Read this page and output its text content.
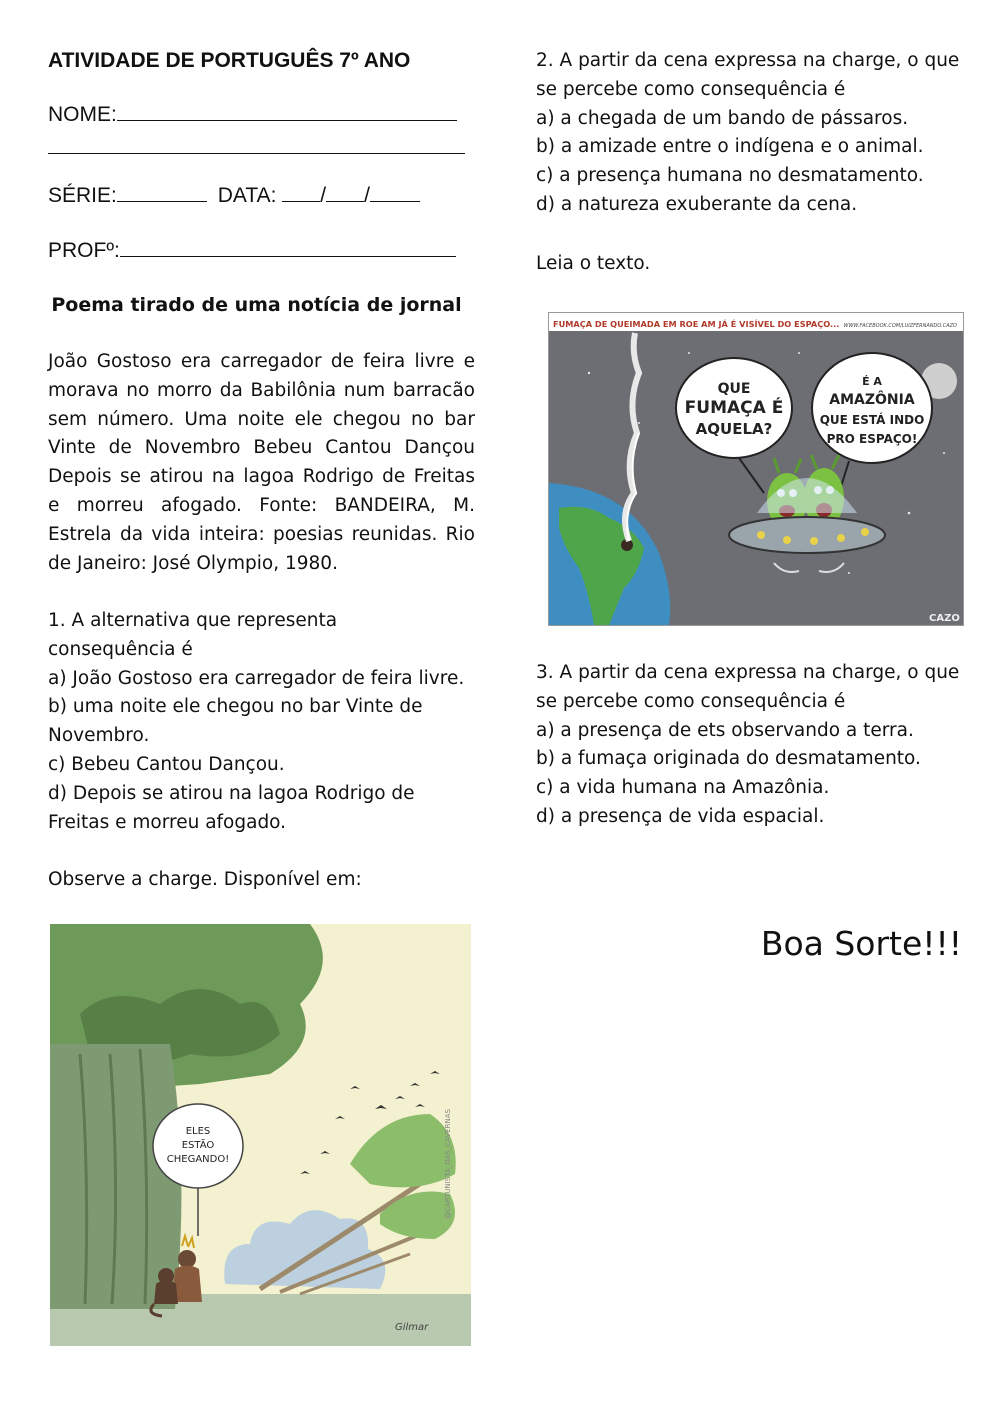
ATIVIDADE DE PORTUGUÊS 7º ANO
NOME:
SÉRIE:	DATA: / /
PROFº:
Poema tirado de uma notícia de jornal
João Gostoso era carregador de feira livre e
morava no morro da Babilônia num barracão
sem número. Uma noite ele chegou no bar
Vinte de Novembro Bebeu Cantou Dançou
Depois se atirou na lagoa Rodrigo de Freitas
e morreu afogado. Fonte: BANDEIRA, M.
Estrela da vida inteira: poesias reunidas. Rio
de Janeiro: José Olympio, 1980.
1. A alternativa que representa
consequência é
a) João Gostoso era carregador de feira livre.
b) uma noite ele chegou no bar Vinte de
Novembro.
c) Bebeu Cantou Dançou.
d) Depois se atirou na lagoa Rodrigo de
Freitas e morreu afogado.
Observe a charge. Disponível em:
ELES
ESTÃO
CHEGANDO!	@CARTUNISTA_DAS_CAVERNAS
Gilmar
2. A partir da cena expressa na charge, o que
se percebe como consequência é
a) a chegada de um bando de pássaros.
b) a amizade entre o indígena e o animal.
c) a presença humana no desmatamento.
d) a natureza exuberante da cena.
Leia o texto.
FUMAÇA DE QUEIMADA EM ROE AM JÁ É VISÍVEL DO ESPAÇO... WWW.FACEBOOK.COM/LUIZFERNANDO.CAZO
QUE
FUMAÇA É
AQUELA?
É A
AMAZÔNIA
QUE ESTÁ INDO
PRO ESPAÇO!
CAZO
3. A partir da cena expressa na charge, o que
se percebe como consequência é
a) a presença de ets observando a terra.
b) a fumaça originada do desmatamento.
c) a vida humana na Amazônia.
d) a presença de vida espacial.
Boa Sorte!!!
